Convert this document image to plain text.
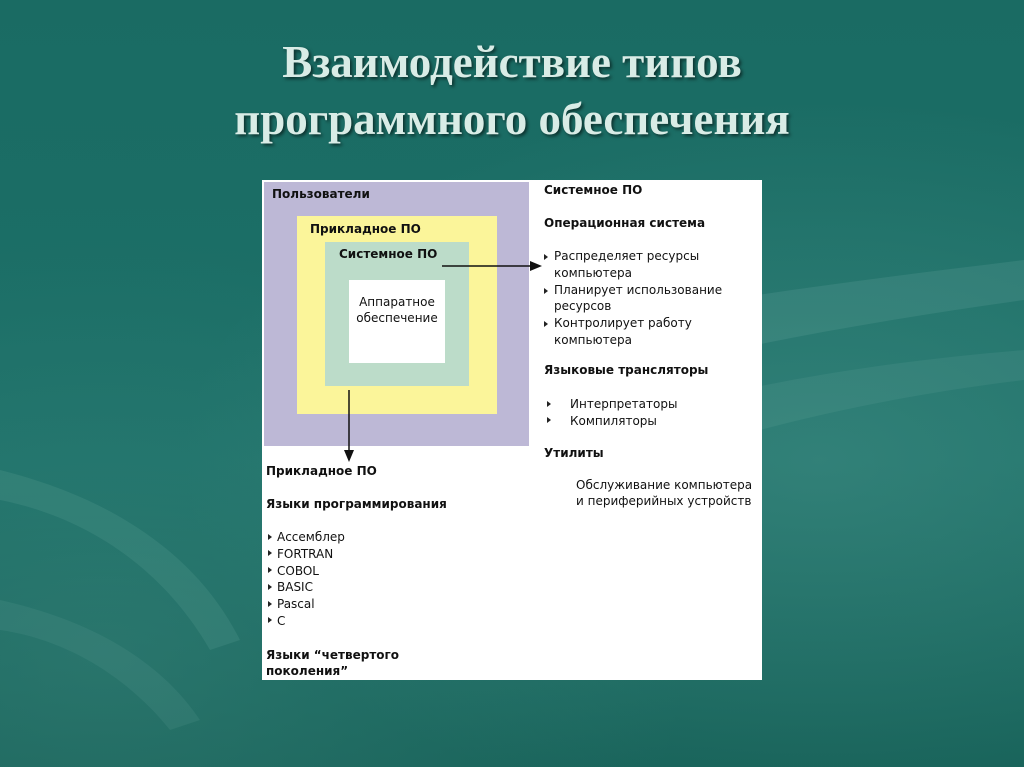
Взаимодействие типов
программного обеспечения
Пользователи
Прикладное ПО
Системное ПО
Аппаратное
обеспечение
Системное ПО
Операционная система
Распределяет ресурсы
компьютера
Планирует использование
ресурсов
Контролирует работу
компьютера
Языковые трансляторы
Интерпретаторы
Компиляторы
Утилиты
Обслуживание компьютера
и периферийных устройств
Прикладное ПО
Языки программирования
Ассемблер
FORTRAN
COBOL
BASIC
Pascal
C
Языки “четвертого
поколения”
